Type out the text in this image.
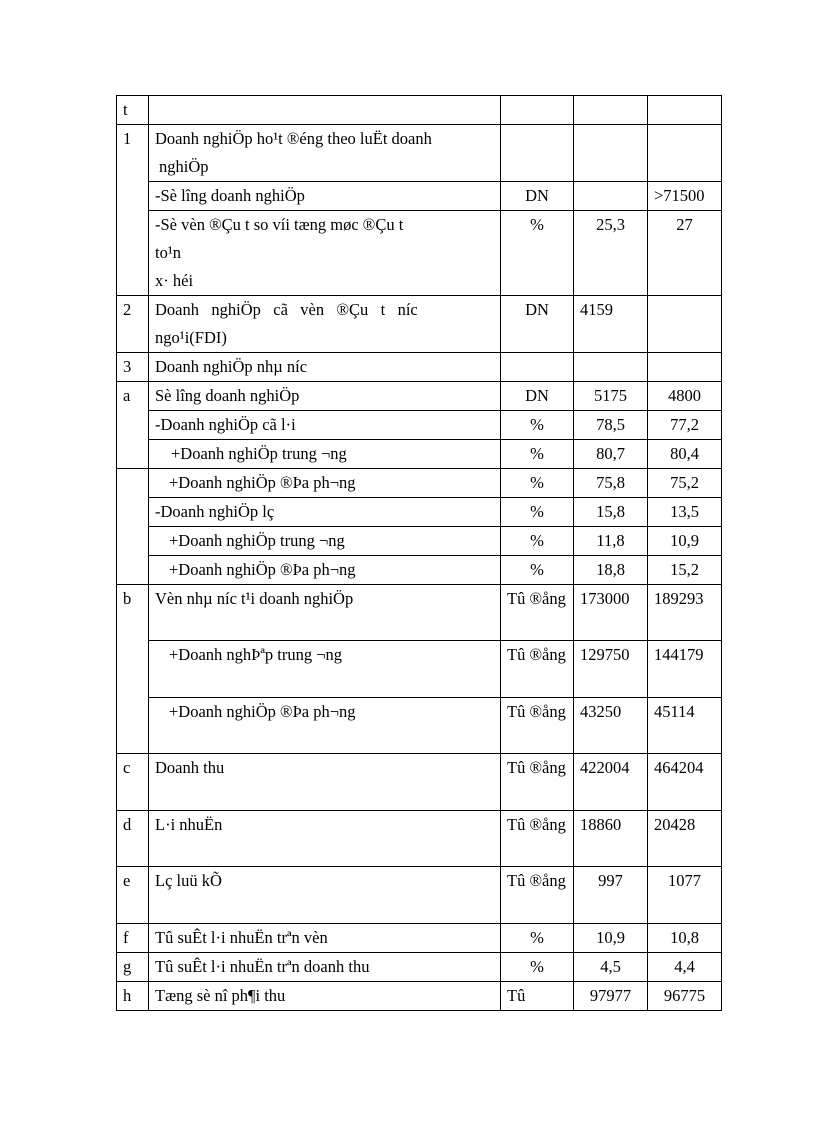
t				
1	Doanh nghiÖp ho¹t ®éng theo luËt doanh
nghiÖp			

	-Sè lîng doanh nghiÖp	DN		>71500

	-Sè vèn ®Çu t so víi tæng møc ®Çu t
to¹n
x· héi	%	25,3	27
2	Doanh   nghiÖp   cã   vèn   ®Çu   t   níc
ngo¹i(FDI)	DN	4159	
3	Doanh nghiÖp nhµ níc			
a	Sè lîng doanh nghiÖp	DN	5175	4800
	-Doanh nghiÖp cã l·i	%	78,5	77,2
	+Doanh nghiÖp trung ¬ng	%	80,7	80,4
	+Doanh nghiÖp ®Þa ph¬ng	%	75,8	75,2
	-Doanh nghiÖp lç	%	15,8	13,5
	+Doanh nghiÖp trung ¬ng	%	11,8	10,9
	+Doanh nghiÖp ®Þa ph¬ng	%	18,8	15,2
b	Vèn nhµ níc t¹i doanh nghiÖp	Tû ®ång	173000	189293
	+Doanh nghÞªp trung ¬ng	Tû ®ång	129750	144179
	+Doanh nghiÖp ®Þa ph¬ng	Tû ®ång	43250	45114
c	Doanh thu	Tû ®ång	422004	464204
d	L·i nhuËn	Tû ®ång	18860	20428
e	Lç luü kÕ	Tû ®ång	997	1077
f	Tû suÊt l·i nhuËn trªn vèn	%	10,9	10,8
g	Tû suÊt l·i nhuËn trªn doanh thu	%	4,5	4,4
h	Tæng sè nî ph¶i thu	Tû	97977	96775
